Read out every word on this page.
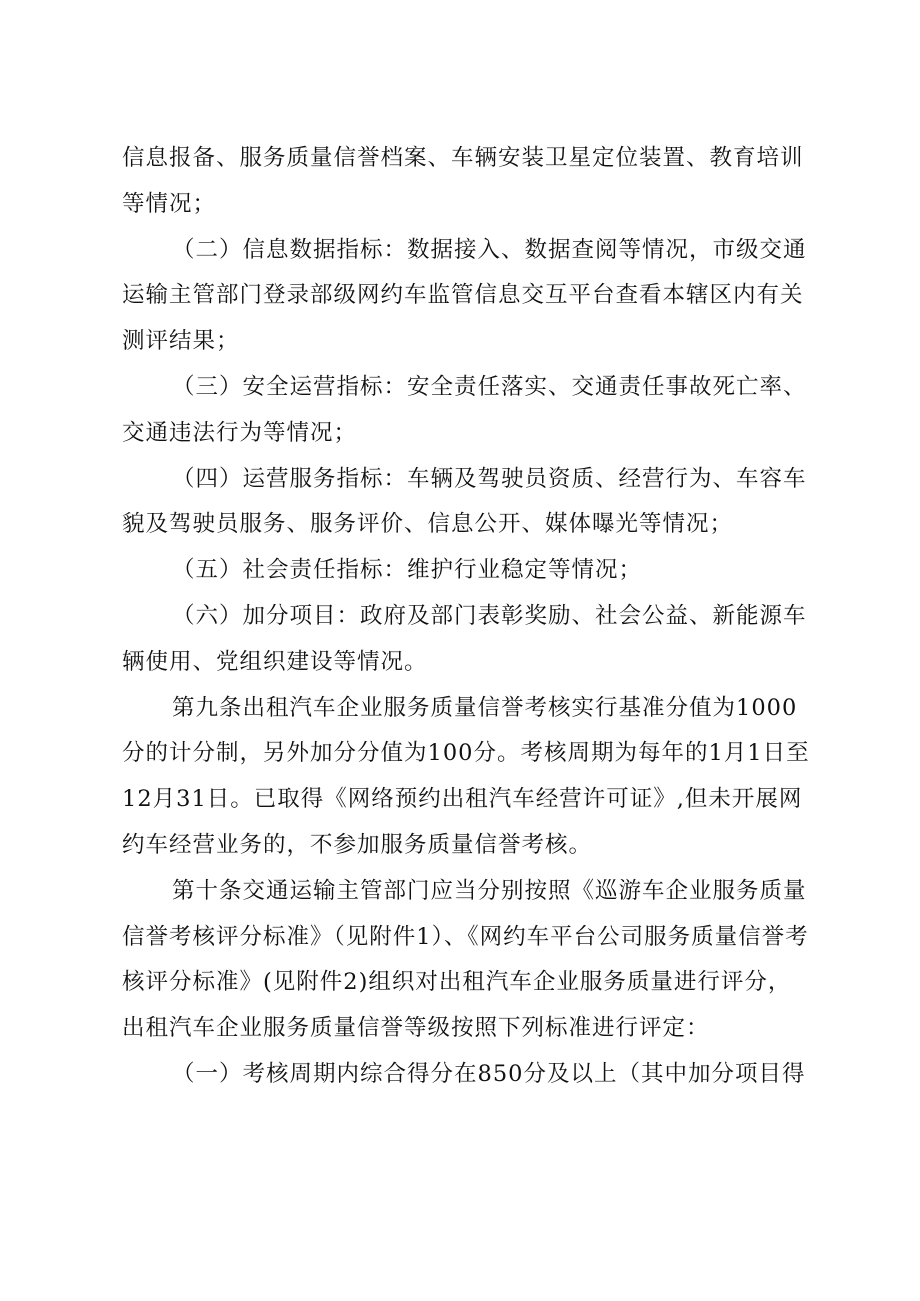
信息报备、服务质量信誉档案、车辆安装卫星定位装置、教育培训等情况；

（二）信息数据指标：数据接入、数据查阅等情况，市级交通运输主管部门登录部级网约车监管信息交互平台查看本辖区内有关测评结果；

（三）安全运营指标：安全责任落实、交通责任事故死亡率、交通违法行为等情况；

（四）运营服务指标：车辆及驾驶员资质、经营行为、车容车貌及驾驶员服务、服务评价、信息公开、媒体曝光等情况；

（五）社会责任指标：维护行业稳定等情况；

（六）加分项目：政府及部门表彰奖励、社会公益、新能源车辆使用、党组织建设等情况。

第九条出租汽车企业服务质量信誉考核实行基准分值为1000分的计分制，另外加分分值为100分。考核周期为每年的1月1日至12月31日。已取得《网络预约出租汽车经营许可证》,但未开展网约车经营业务的，不参加服务质量信誉考核。

第十条交通运输主管部门应当分别按照《巡游车企业服务质量信誉考核评分标准》（见附件1）、《网约车平台公司服务质量信誉考核评分标准》(见附件2)组织对出租汽车企业服务质量进行评分，出租汽车企业服务质量信誉等级按照下列标准进行评定：

（一）考核周期内综合得分在850分及以上（其中加分项目得
